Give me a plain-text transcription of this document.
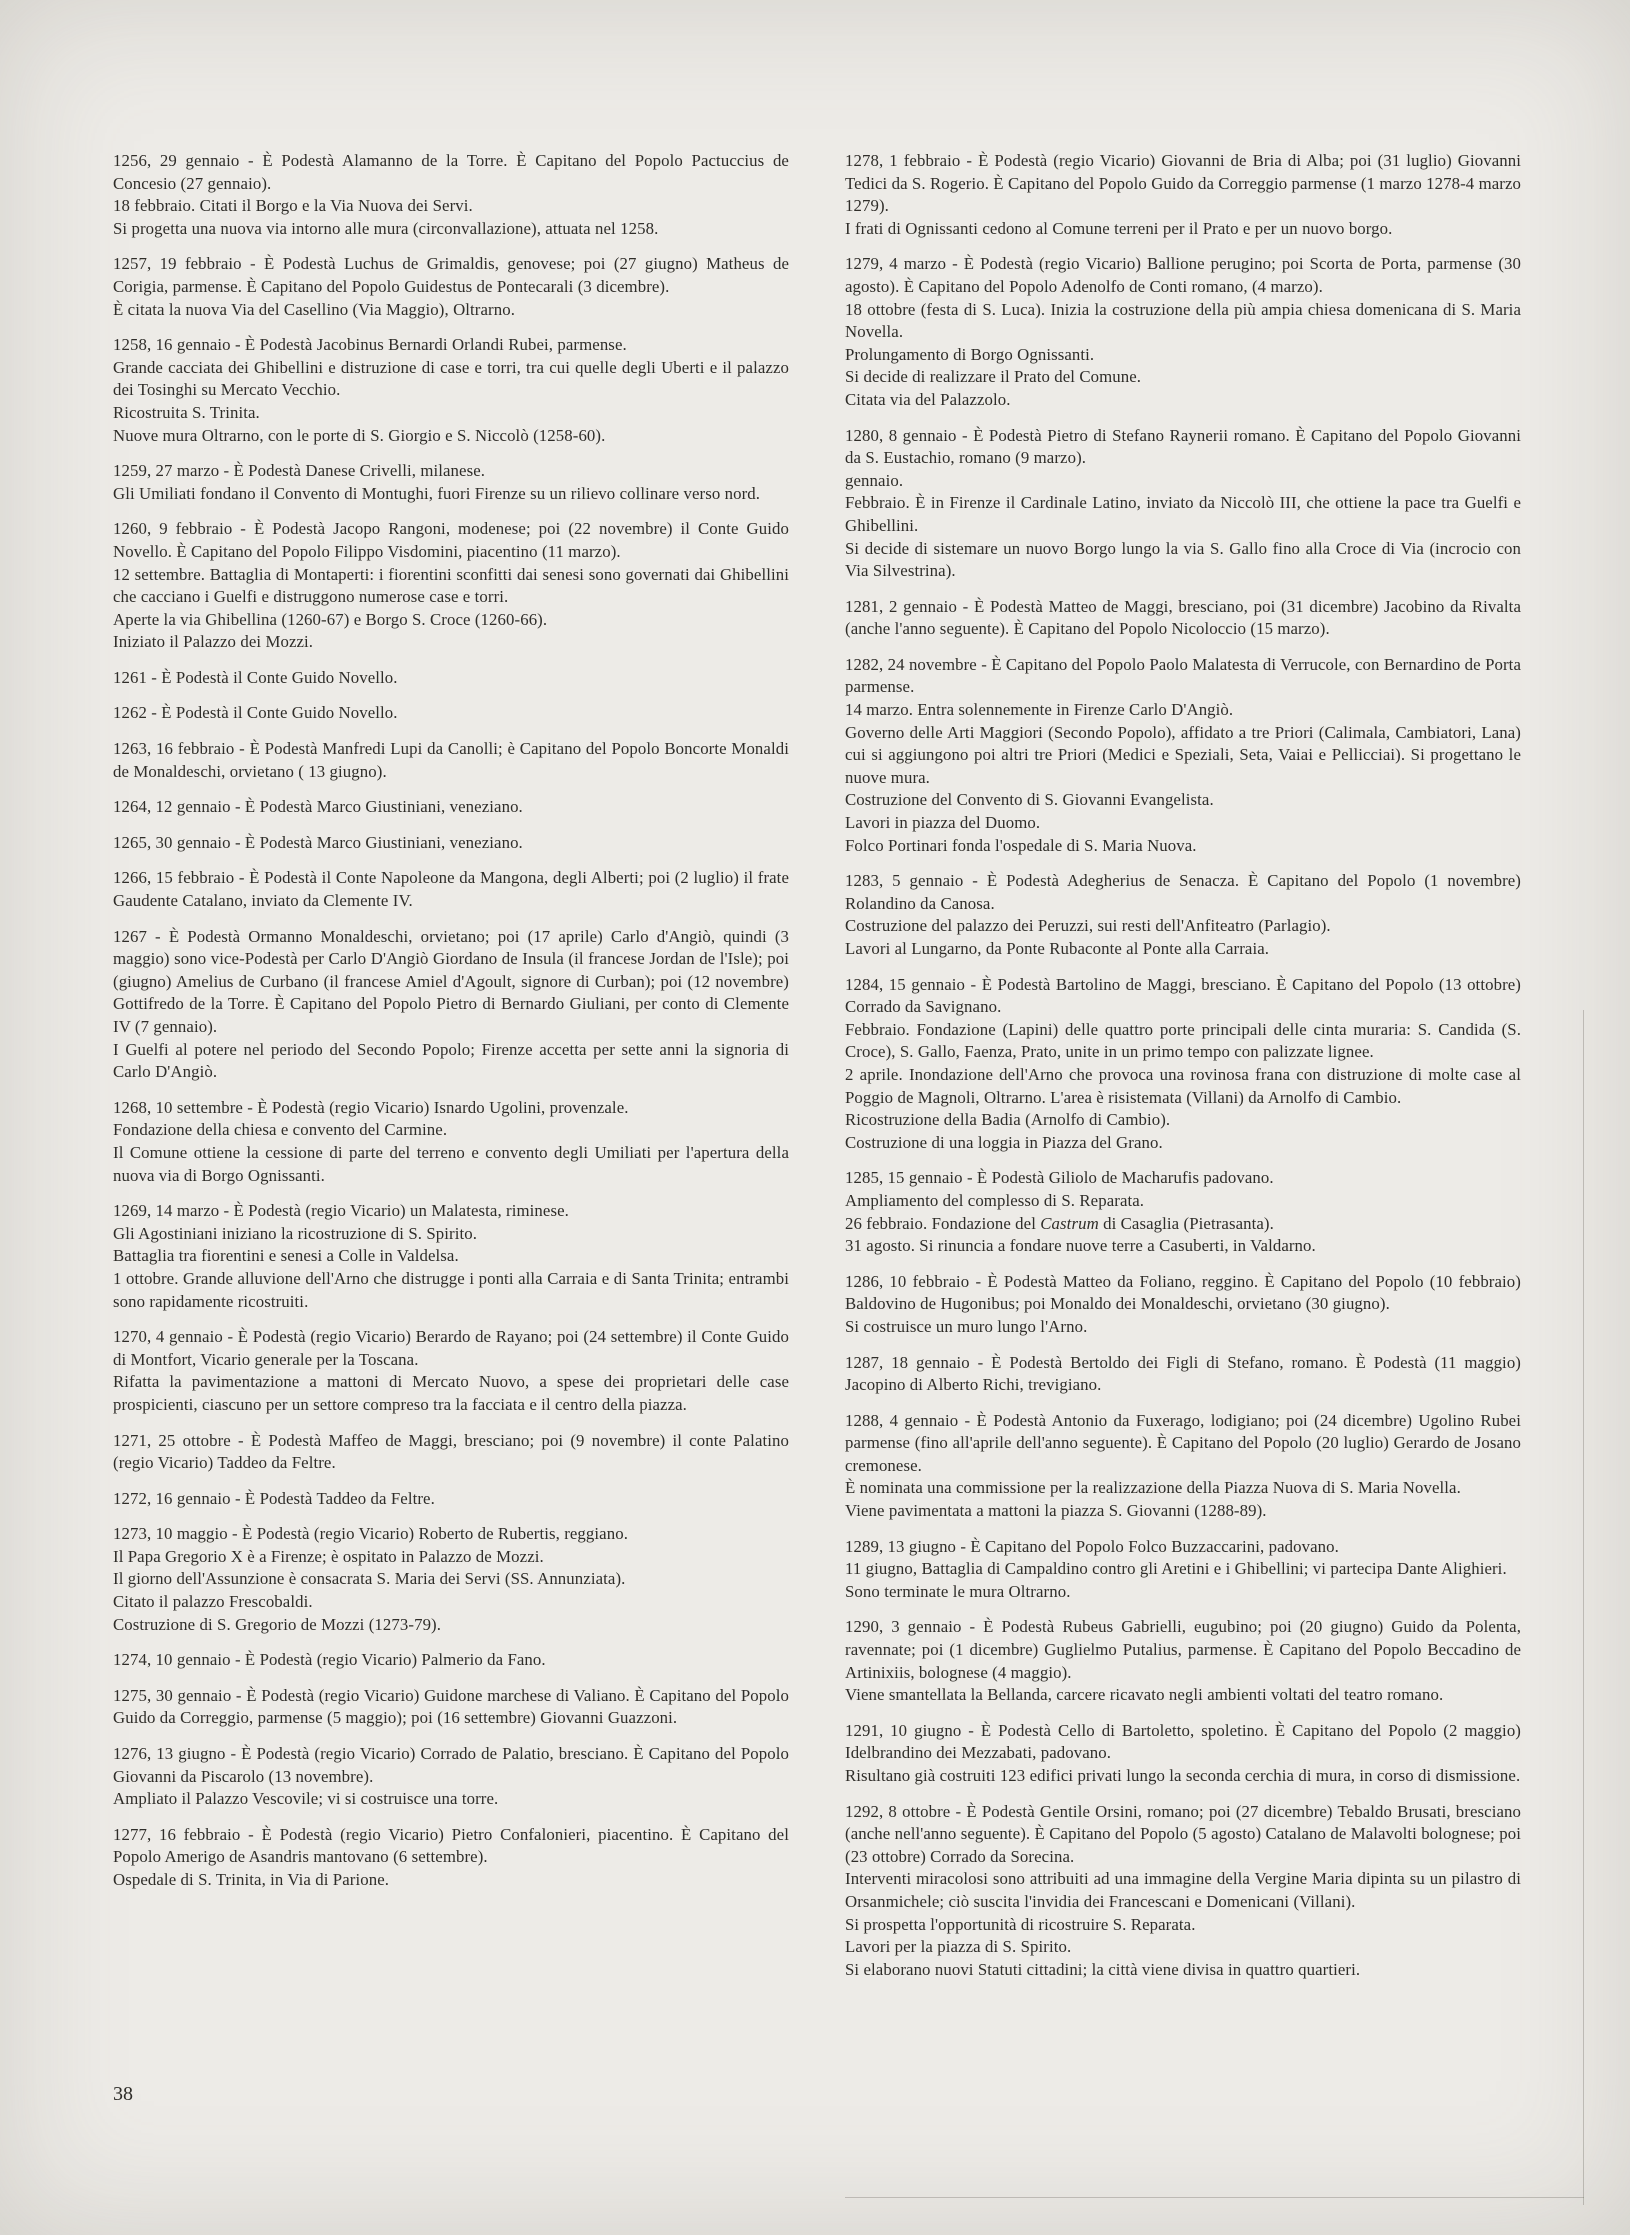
1256, 29 gennaio - È Podestà Alamanno de la Torre. È Capitano del Popolo Pactuccius de Concesio (27 gennaio).

18 febbraio. Citati il Borgo e la Via Nuova dei Servi.

Si progetta una nuova via intorno alle mura (circonvallazione), attuata nel 1258.

1257, 19 febbraio - È Podestà Luchus de Grimaldis, genovese; poi (27 giugno) Matheus de Corigia, parmense. È Capitano del Popolo Guidestus de Pontecarali (3 dicembre).

È citata la nuova Via del Casellino (Via Maggio), Oltrarno.

1258, 16 gennaio - È Podestà Jacobinus Bernardi Orlandi Rubei, parmense.

Grande cacciata dei Ghibellini e distruzione di case e torri, tra cui quelle degli Uberti e il palazzo dei Tosinghi su Mercato Vecchio.

Ricostruita S. Trinita.

Nuove mura Oltrarno, con le porte di S. Giorgio e S. Niccolò (1258-60).

1259, 27 marzo - È Podestà Danese Crivelli, milanese.

Gli Umiliati fondano il Convento di Montughi, fuori Firenze su un rilievo collinare verso nord.

1260, 9 febbraio - È Podestà Jacopo Rangoni, modenese; poi (22 novembre) il Conte Guido Novello. È Capitano del Popolo Filippo Visdomini, piacentino (11 marzo).

12 settembre. Battaglia di Montaperti: i fiorentini sconfitti dai senesi sono governati dai Ghibellini che cacciano i Guelfi e distruggono numerose case e torri.

Aperte la via Ghibellina (1260-67) e Borgo S. Croce (1260-66).

Iniziato il Palazzo dei Mozzi.

1261 - È Podestà il Conte Guido Novello.

1262 - È Podestà il Conte Guido Novello.

1263, 16 febbraio - È Podestà Manfredi Lupi da Canolli; è Capitano del Popolo Boncorte Monaldi de Monaldeschi, orvietano ( 13 giugno).

1264, 12 gennaio - È Podestà Marco Giustiniani, veneziano.

1265, 30 gennaio - È Podestà Marco Giustiniani, veneziano.

1266, 15 febbraio - È Podestà il Conte Napoleone da Mangona, degli Alberti; poi (2 luglio) il frate Gaudente Catalano, inviato da Clemente IV.

1267 - È Podestà Ormanno Monaldeschi, orvietano; poi (17 aprile) Carlo d'Angiò, quindi (3 maggio) sono vice-Podestà per Carlo D'Angiò Giordano de Insula (il francese Jordan de l'Isle); poi (giugno) Amelius de Curbano (il francese Amiel d'Agoult, signore di Curban); poi (12 novembre) Gottifredo de la Torre. È Capitano del Popolo Pietro di Bernardo Giuliani, per conto di Clemente IV (7 gennaio).

I Guelfi al potere nel periodo del Secondo Popolo; Firenze accetta per sette anni la signoria di Carlo D'Angiò.

1268, 10 settembre - È Podestà (regio Vicario) Isnardo Ugolini, provenzale.

Fondazione della chiesa e convento del Carmine.

Il Comune ottiene la cessione di parte del terreno e convento degli Umiliati per l'apertura della nuova via di Borgo Ognissanti.

1269, 14 marzo - È Podestà (regio Vicario) un Malatesta, riminese.

Gli Agostiniani iniziano la ricostruzione di S. Spirito.

Battaglia tra fiorentini e senesi a Colle in Valdelsa.

1 ottobre. Grande alluvione dell'Arno che distrugge i ponti alla Carraia e di Santa Trinita; entrambi sono rapidamente ricostruiti.

1270, 4 gennaio - È Podestà (regio Vicario) Berardo de Rayano; poi (24 settembre) il Conte Guido di Montfort, Vicario generale per la Toscana.

Rifatta la pavimentazione a mattoni di Mercato Nuovo, a spese dei proprietari delle case prospicienti, ciascuno per un settore compreso tra la facciata e il centro della piazza.

1271, 25 ottobre - È Podestà Maffeo de Maggi, bresciano; poi (9 novembre) il conte Palatino (regio Vicario) Taddeo da Feltre.

1272, 16 gennaio - È Podestà Taddeo da Feltre.

1273, 10 maggio - È Podestà (regio Vicario) Roberto de Rubertis, reggiano.

Il Papa Gregorio X è a Firenze; è ospitato in Palazzo de Mozzi.

Il giorno dell'Assunzione è consacrata S. Maria dei Servi (SS. Annunziata).

Citato il palazzo Frescobaldi.

Costruzione di S. Gregorio de Mozzi (1273-79).

1274, 10 gennaio - È Podestà (regio Vicario) Palmerio da Fano.

1275, 30 gennaio - È Podestà (regio Vicario) Guidone marchese di Valiano. È Capitano del Popolo Guido da Correggio, parmense (5 maggio); poi (16 settembre) Giovanni Guazzoni.

1276, 13 giugno - È Podestà (regio Vicario) Corrado de Palatio, bresciano. È Capitano del Popolo Giovanni da Piscarolo (13 novembre).

Ampliato il Palazzo Vescovile; vi si costruisce una torre.

1277, 16 febbraio - È Podestà (regio Vicario) Pietro Confalonieri, piacentino. È Capitano del Popolo Amerigo de Asandris mantovano (6 settembre).

Ospedale di S. Trinita, in Via di Parione.

1278, 1 febbraio - È Podestà (regio Vicario) Giovanni de Bria di Alba; poi (31 luglio) Giovanni Tedici da S. Rogerio. È Capitano del Popolo Guido da Correggio parmense (1 marzo 1278-4 marzo 1279).

I frati di Ognissanti cedono al Comune terreni per il Prato e per un nuovo borgo.

1279, 4 marzo - È Podestà (regio Vicario) Ballione perugino; poi Scorta de Porta, parmense (30 agosto). È Capitano del Popolo Adenolfo de Conti romano, (4 marzo).

18 ottobre (festa di S. Luca). Inizia la costruzione della più ampia chiesa domenicana di S. Maria Novella.

Prolungamento di Borgo Ognissanti.

Si decide di realizzare il Prato del Comune.

Citata via del Palazzolo.

1280, 8 gennaio - È Podestà Pietro di Stefano Raynerii romano. È Capitano del Popolo Giovanni da S. Eustachio, romano (9 marzo).

gennaio.

Febbraio. È in Firenze il Cardinale Latino, inviato da Niccolò III, che ottiene la pace tra Guelfi e Ghibellini.

Si decide di sistemare un nuovo Borgo lungo la via S. Gallo fino alla Croce di Via (incrocio con Via Silvestrina).

1281, 2 gennaio - È Podestà Matteo de Maggi, bresciano, poi (31 dicembre) Jacobino da Rivalta (anche l'anno seguente). È Capitano del Popolo Nicoloccio (15 marzo).

1282, 24 novembre - È Capitano del Popolo Paolo Malatesta di Verrucole, con Bernardino de Porta parmense.

14 marzo. Entra solennemente in Firenze Carlo D'Angiò.

Governo delle Arti Maggiori (Secondo Popolo), affidato a tre Priori (Calimala, Cambiatori, Lana) cui si aggiungono poi altri tre Priori (Medici e Speziali, Seta, Vaiai e Pellicciai). Si progettano le nuove mura.

Costruzione del Convento di S. Giovanni Evangelista.

Lavori in piazza del Duomo.

Folco Portinari fonda l'ospedale di S. Maria Nuova.

1283, 5 gennaio - È Podestà Adegherius de Senacza. È Capitano del Popolo (1 novembre) Rolandino da Canosa.

Costruzione del palazzo dei Peruzzi, sui resti dell'Anfiteatro (Parlagio).

Lavori al Lungarno, da Ponte Rubaconte al Ponte alla Carraia.

1284, 15 gennaio - È Podestà Bartolino de Maggi, bresciano. È Capitano del Popolo (13 ottobre) Corrado da Savignano.

Febbraio. Fondazione (Lapini) delle quattro porte principali delle cinta muraria: S. Candida (S. Croce), S. Gallo, Faenza, Prato, unite in un primo tempo con palizzate lignee.

2 aprile. Inondazione dell'Arno che provoca una rovinosa frana con distruzione di molte case al Poggio de Magnoli, Oltrarno. L'area è risistemata (Villani) da Arnolfo di Cambio.

Ricostruzione della Badia (Arnolfo di Cambio).

Costruzione di una loggia in Piazza del Grano.

1285, 15 gennaio - È Podestà Giliolo de Macharufis padovano.

Ampliamento del complesso di S. Reparata.

26 febbraio. Fondazione del Castrum di Casaglia (Pietrasanta).

31 agosto. Si rinuncia a fondare nuove terre a Casuberti, in Valdarno.

1286, 10 febbraio - È Podestà Matteo da Foliano, reggino. È Capitano del Popolo (10 febbraio) Baldovino de Hugonibus; poi Monaldo dei Monaldeschi, orvietano (30 giugno).

Si costruisce un muro lungo l'Arno.

1287, 18 gennaio - È Podestà Bertoldo dei Figli di Stefano, romano. È Podestà (11 maggio) Jacopino di Alberto Richi, trevigiano.

1288, 4 gennaio - È Podestà Antonio da Fuxerago, lodigiano; poi (24 dicembre) Ugolino Rubei parmense (fino all'aprile dell'anno seguente). È Capitano del Popolo (20 luglio) Gerardo de Josano cremonese.

È nominata una commissione per la realizzazione della Piazza Nuova di S. Maria Novella.

Viene pavimentata a mattoni la piazza S. Giovanni (1288-89).

1289, 13 giugno - È Capitano del Popolo Folco Buzzaccarini, padovano.

11 giugno, Battaglia di Campaldino contro gli Aretini e i Ghibellini; vi partecipa Dante Alighieri.

Sono terminate le mura Oltrarno.

1290, 3 gennaio - È Podestà Rubeus Gabrielli, eugubino; poi (20 giugno) Guido da Polenta, ravennate; poi (1 dicembre) Guglielmo Putalius, parmense. È Capitano del Popolo Beccadino de Artinixiis, bolognese (4 maggio).

Viene smantellata la Bellanda, carcere ricavato negli ambienti voltati del teatro romano.

1291, 10 giugno - È Podestà Cello di Bartoletto, spoletino. È Capitano del Popolo (2 maggio) Idelbrandino dei Mezzabati, padovano.

Risultano già costruiti 123 edifici privati lungo la seconda cerchia di mura, in corso di dismissione.

1292, 8 ottobre - È Podestà Gentile Orsini, romano; poi (27 dicembre) Tebaldo Brusati, bresciano (anche nell'anno seguente). È Capitano del Popolo (5 agosto) Catalano de Malavolti bolognese; poi (23 ottobre) Corrado da Sorecina.

Interventi miracolosi sono attribuiti ad una immagine della Vergine Maria dipinta su un pilastro di Orsanmichele; ciò suscita l'invidia dei Francescani e Domenicani (Villani).

Si prospetta l'opportunità di ricostruire S. Reparata.

Lavori per la piazza di S. Spirito.

Si elaborano nuovi Statuti cittadini; la città viene divisa in quattro quartieri.

38
